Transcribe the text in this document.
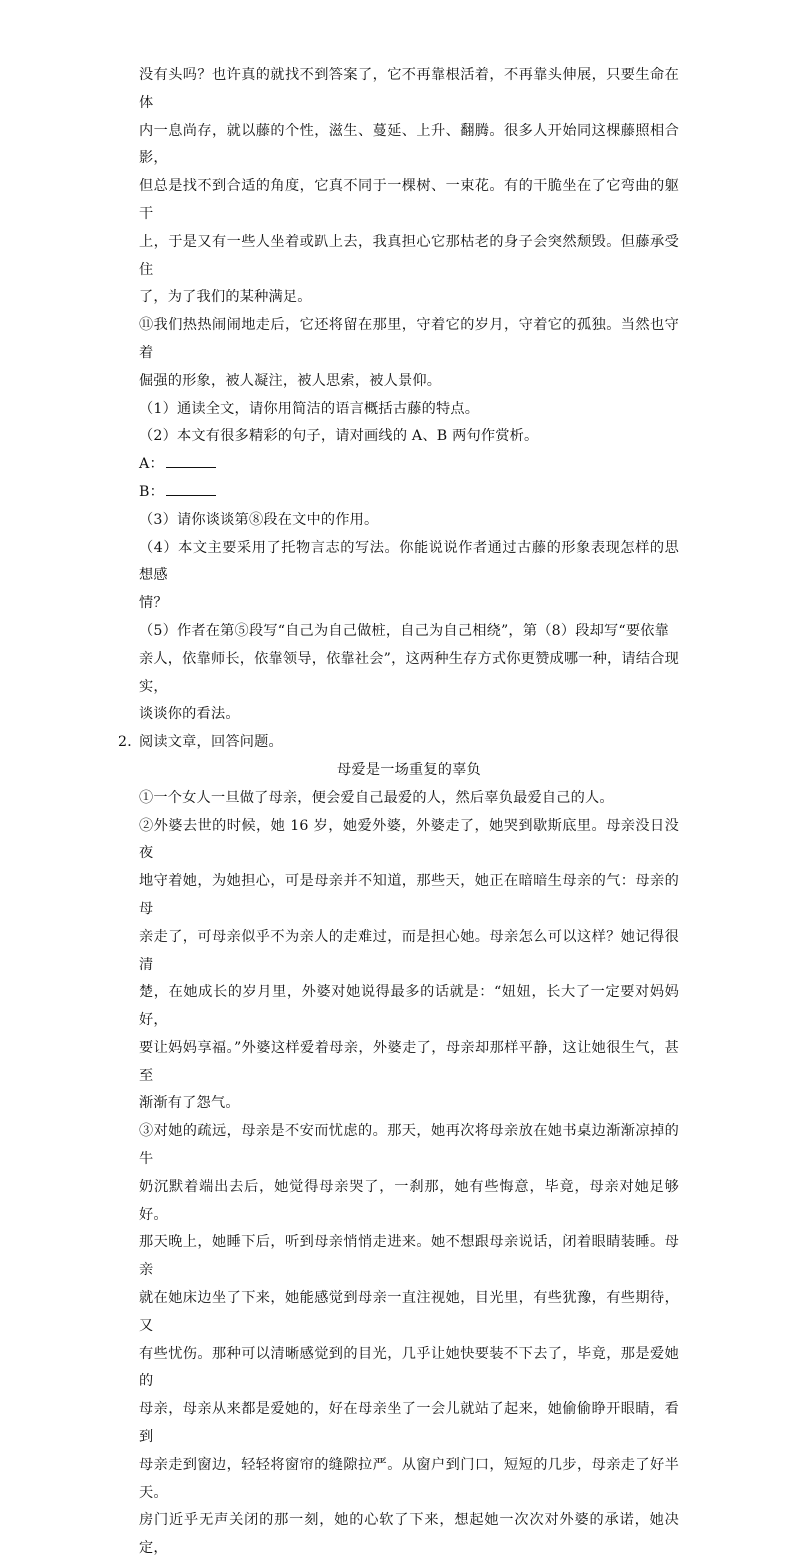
没有头吗？也许真的就找不到答案了，它不再靠根活着，不再靠头伸展，只要生命在体

内一息尚存，就以藤的个性，滋生、蔓延、上升、翻腾。很多人开始同这棵藤照相合影，

但总是找不到合适的角度，它真不同于一棵树、一束花。有的干脆坐在了它弯曲的躯干

上，于是又有一些人坐着或趴上去，我真担心它那枯老的身子会突然颓毁。但藤承受住

了，为了我们的某种满足。

⑪我们热热闹闹地走后，它还将留在那里，守着它的岁月，守着它的孤独。当然也守着

倔强的形象，被人凝注，被人思索，被人景仰。

（1）通读全文，请你用简洁的语言概括古藤的特点。

（2）本文有很多精彩的句子，请对画线的 A、B 两句作赏析。

A：

B：

（3）请你谈谈第⑧段在文中的作用。

（4）本文主要采用了托物言志的写法。你能说说作者通过古藤的形象表现怎样的思想感

情？

（5）作者在第⑤段写“自己为自己做桩，自己为自己相绕”，第（8）段却写“要依靠

亲人，依靠师长，依靠领导，依靠社会”，这两种生存方式你更赞成哪一种，请结合现实，

谈谈你的看法。

2．
阅读文章，回答问题。

母爱是一场重复的辜负

①一个女人一旦做了母亲，便会爱自己最爱的人，然后辜负最爱自己的人。

②外婆去世的时候，她 16 岁，她爱外婆，外婆走了，她哭到歇斯底里。母亲没日没夜

地守着她，为她担心，可是母亲并不知道，那些天，她正在暗暗生母亲的气：母亲的母

亲走了，可母亲似乎不为亲人的走难过，而是担心她。母亲怎么可以这样？她记得很清

楚，在她成长的岁月里，外婆对她说得最多的话就是：“妞妞，长大了一定要对妈妈好，

要让妈妈享福。”外婆这样爱着母亲，外婆走了，母亲却那样平静，这让她很生气，甚至

渐渐有了怨气。

③对她的疏远，母亲是不安而忧虑的。那天，她再次将母亲放在她书桌边渐渐凉掉的牛

奶沉默着端出去后，她觉得母亲哭了，一刹那，她有些悔意，毕竟，母亲对她足够好。

那天晚上，她睡下后，听到母亲悄悄走进来。她不想跟母亲说话，闭着眼睛装睡。母亲

就在她床边坐了下来，她能感觉到母亲一直注视她，目光里，有些犹豫，有些期待，又

有些忧伤。那种可以清晰感觉到的目光，几乎让她快要装不下去了，毕竟，那是爱她的

母亲，母亲从来都是爱她的，好在母亲坐了一会儿就站了起来，她偷偷睁开眼睛，看到

母亲走到窗边，轻轻将窗帘的缝隙拉严。从窗户到门口，短短的几步，母亲走了好半天。

房门近乎无声关闭的那一刻，她的心软了下来，想起她一次次对外婆的承诺，她决定，
